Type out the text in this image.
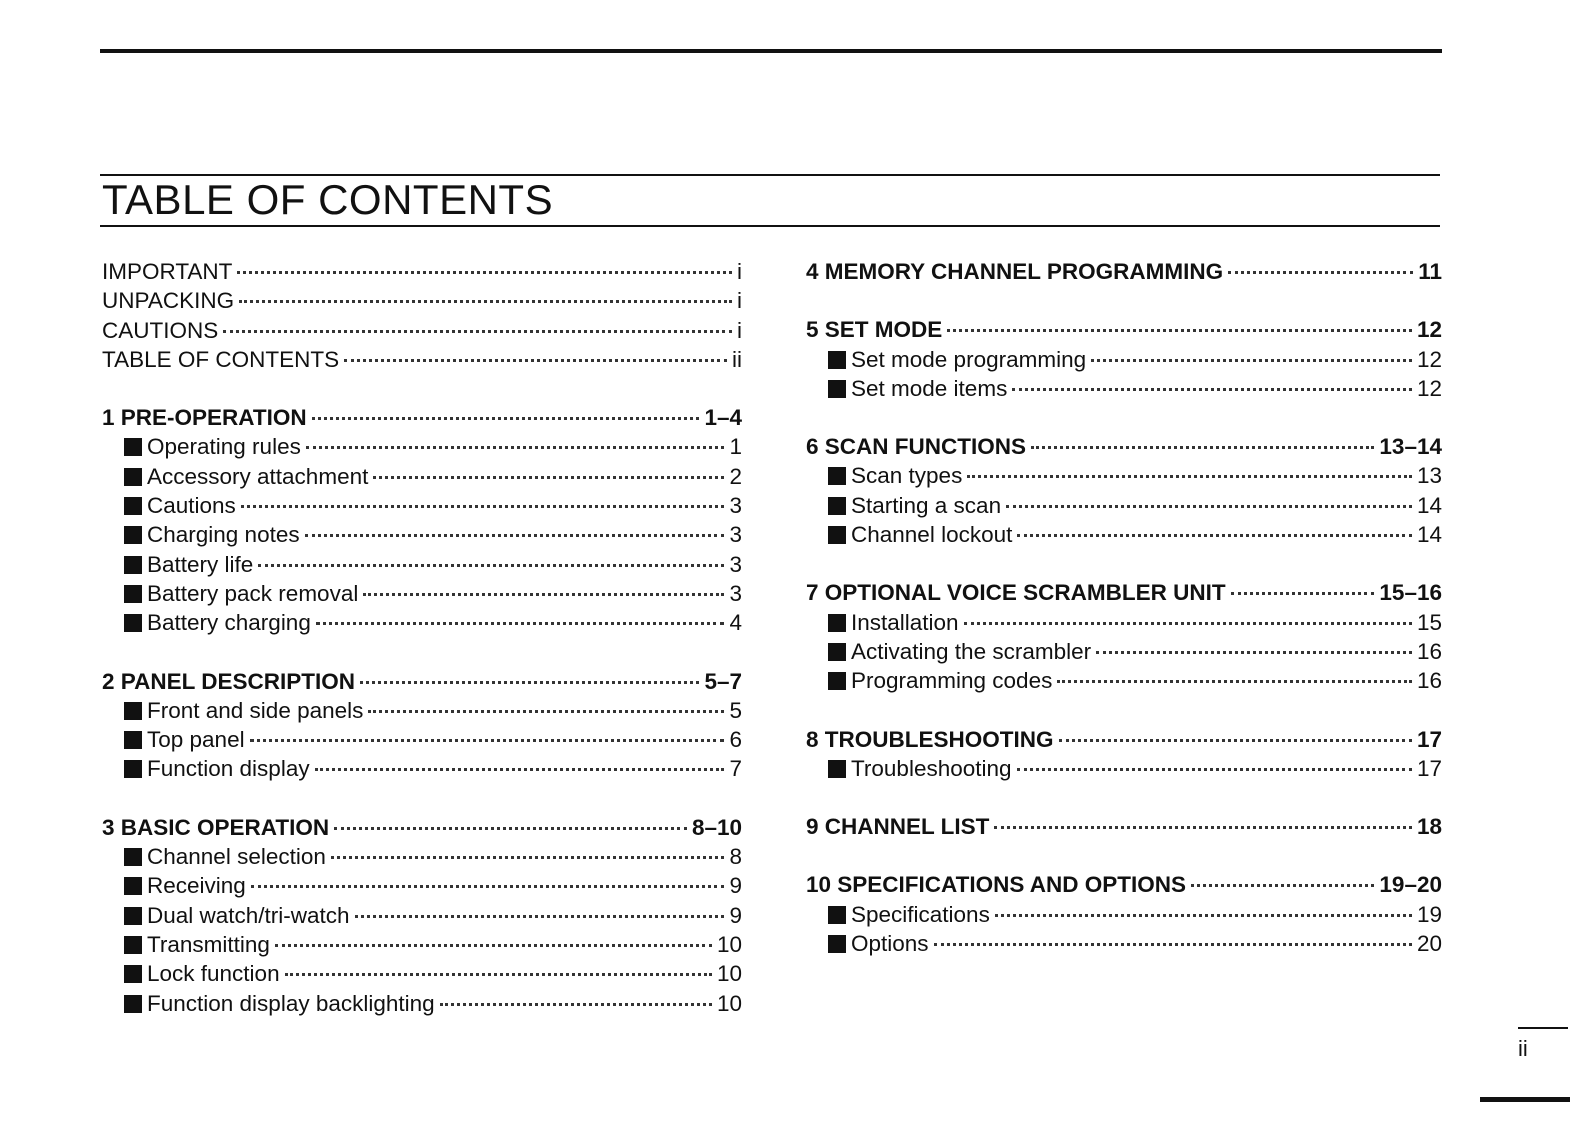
TABLE OF CONTENTS
IMPORTANT	i
UNPACKING	i
CAUTIONS	i
TABLE OF CONTENTS	ii
1 PRE-OPERATION	1–4
Operating rules	1
Accessory attachment	2
Cautions	3
Charging notes	3
Battery life	3
Battery pack removal	3
Battery charging	4
2 PANEL DESCRIPTION	5–7
Front and side panels	5
Top panel	6
Function display	7
3 BASIC OPERATION	8–10
Channel selection	8
Receiving	9
Dual watch/tri-watch	9
Transmitting	10
Lock function	10
Function display backlighting	10
4 MEMORY CHANNEL PROGRAMMING	11
5 SET MODE	12
Set mode programming	12
Set mode items	12
6 SCAN FUNCTIONS	13–14
Scan types	13
Starting a scan	14
Channel lockout	14
7 OPTIONAL VOICE SCRAMBLER UNIT	15–16
Installation	15
Activating the scrambler	16
Programming codes	16
8 TROUBLESHOOTING	17
Troubleshooting	17
9 CHANNEL LIST	18
10 SPECIFICATIONS AND OPTIONS	19–20
Specifications	19
Options	20
ii
